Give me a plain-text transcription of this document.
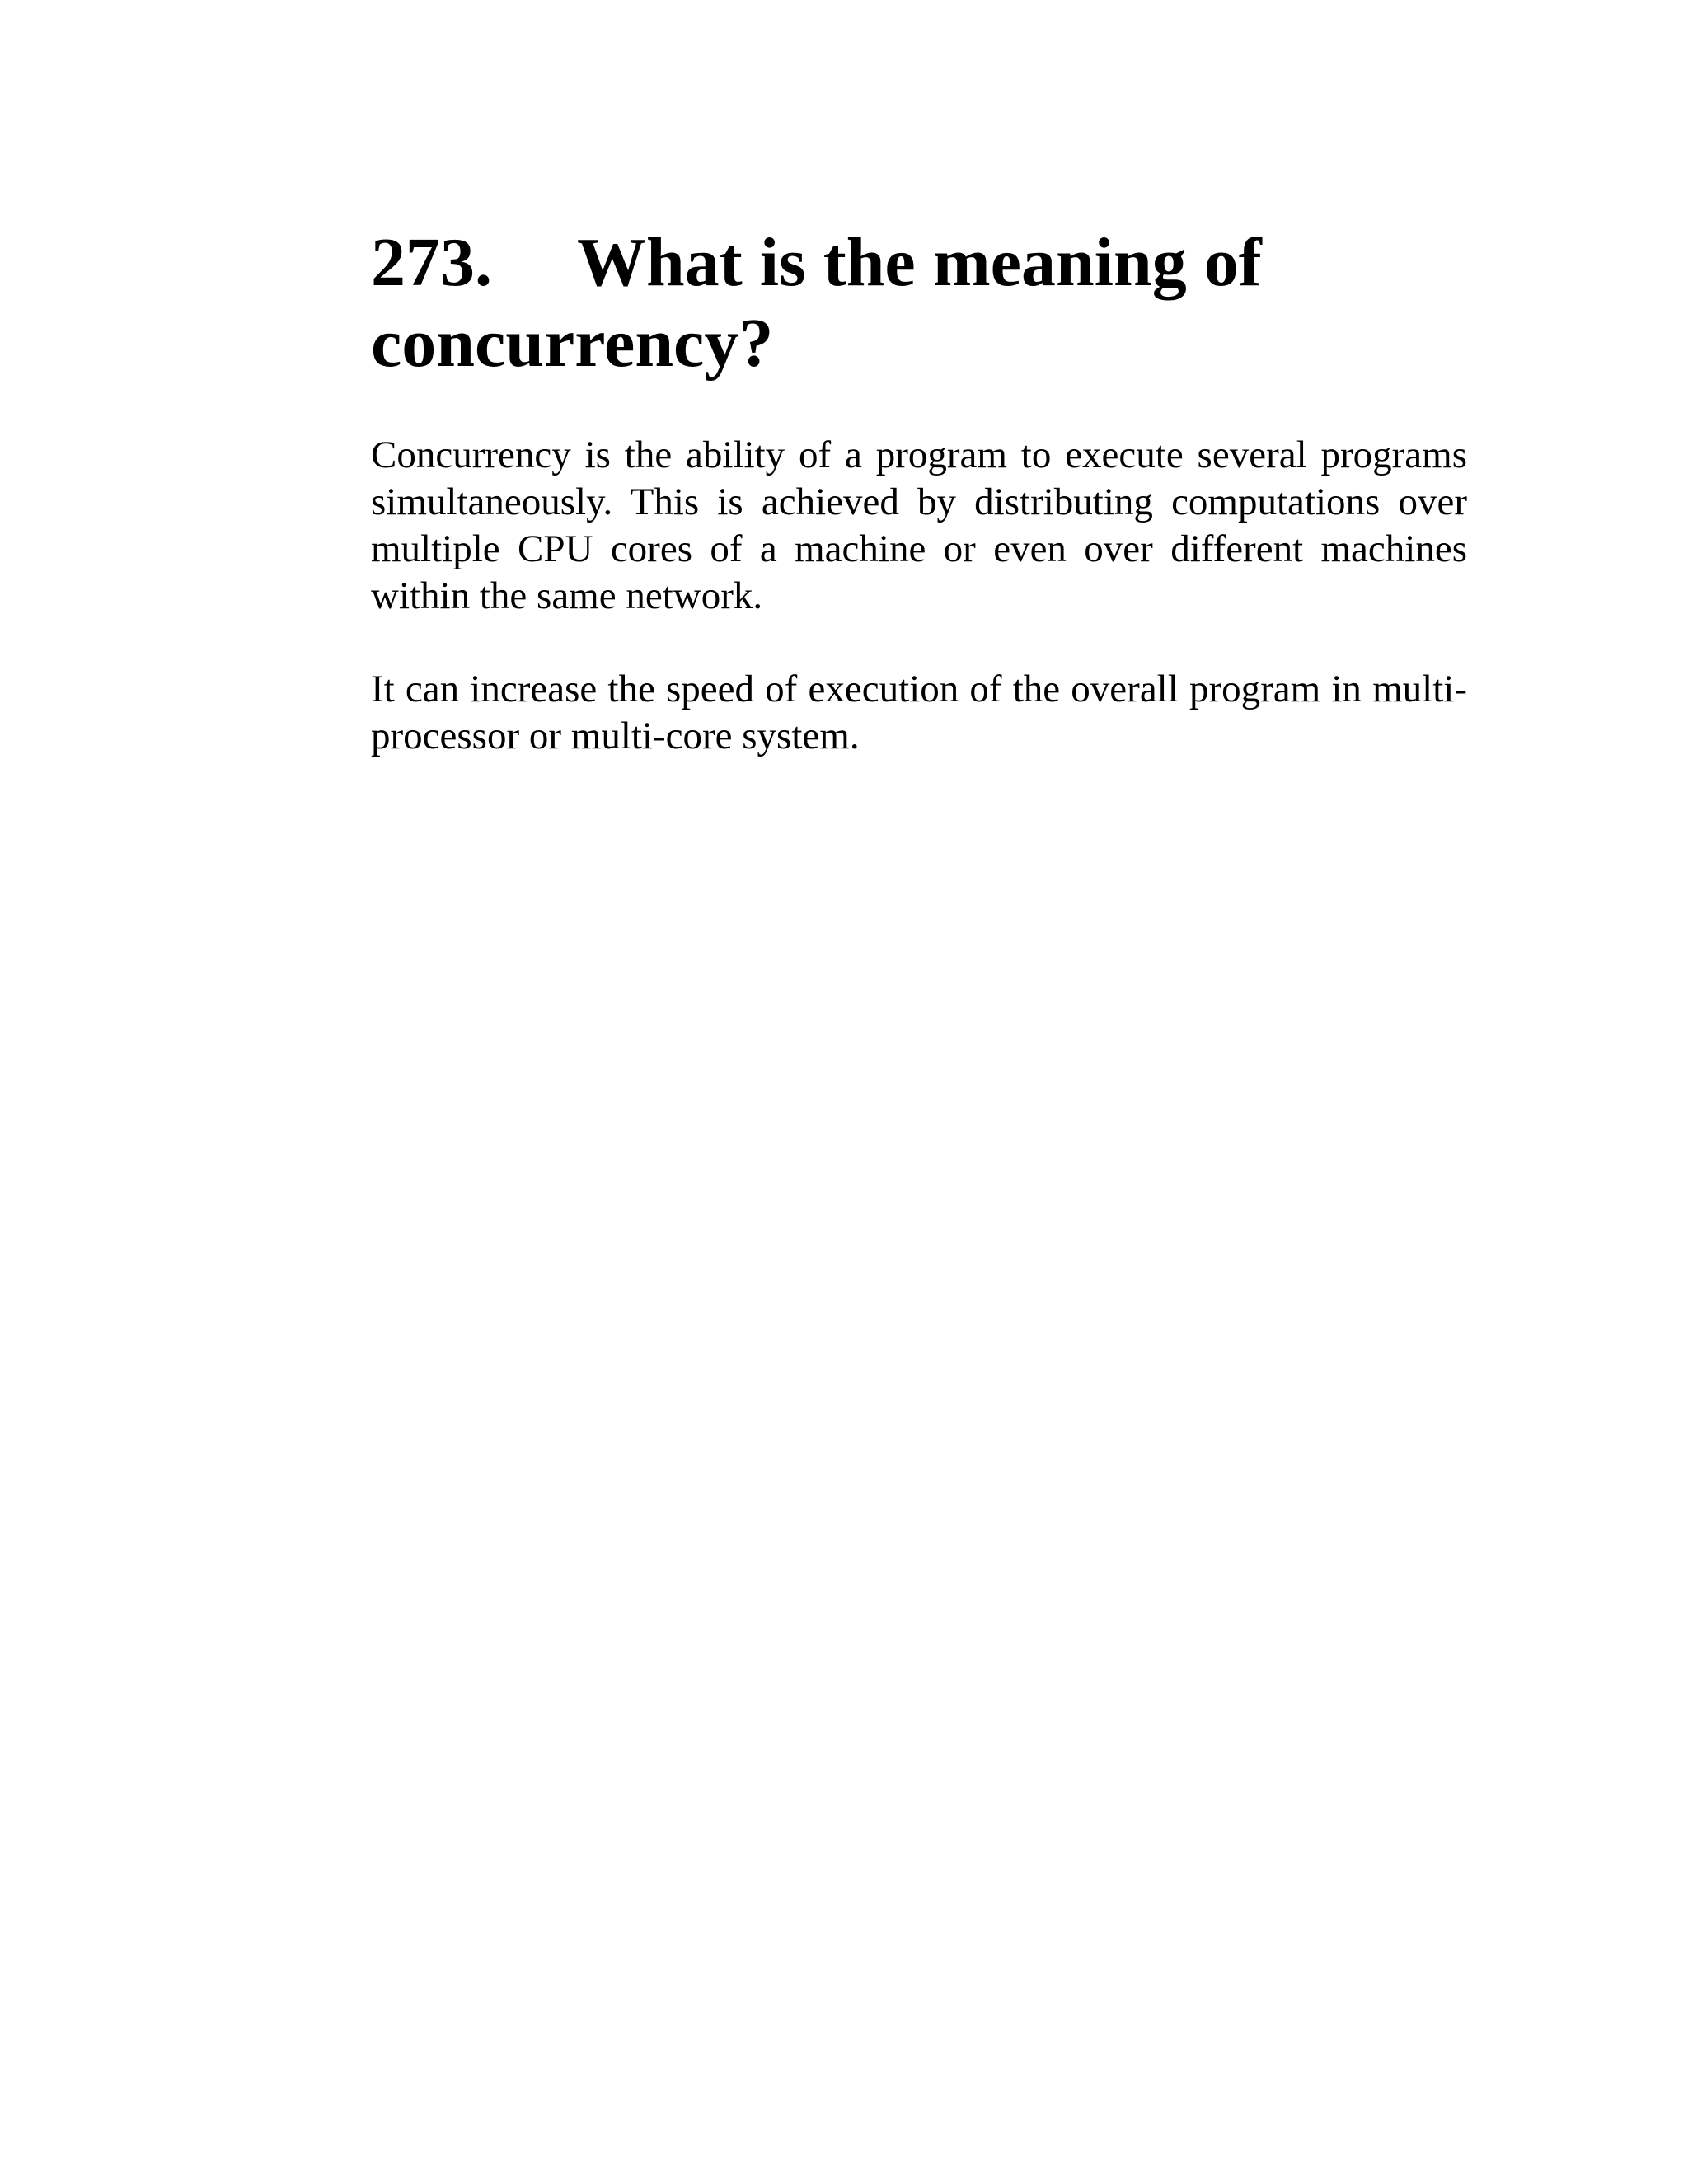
273. What is the meaning of
concurrency?

Concurrency is the ability of a program to execute several programs simultaneously. This is achieved by distributing computations over multiple CPU cores of a machine or even over different machines within the same network.

It can increase the speed of execution of the overall program in multi-processor or multi-core system.
